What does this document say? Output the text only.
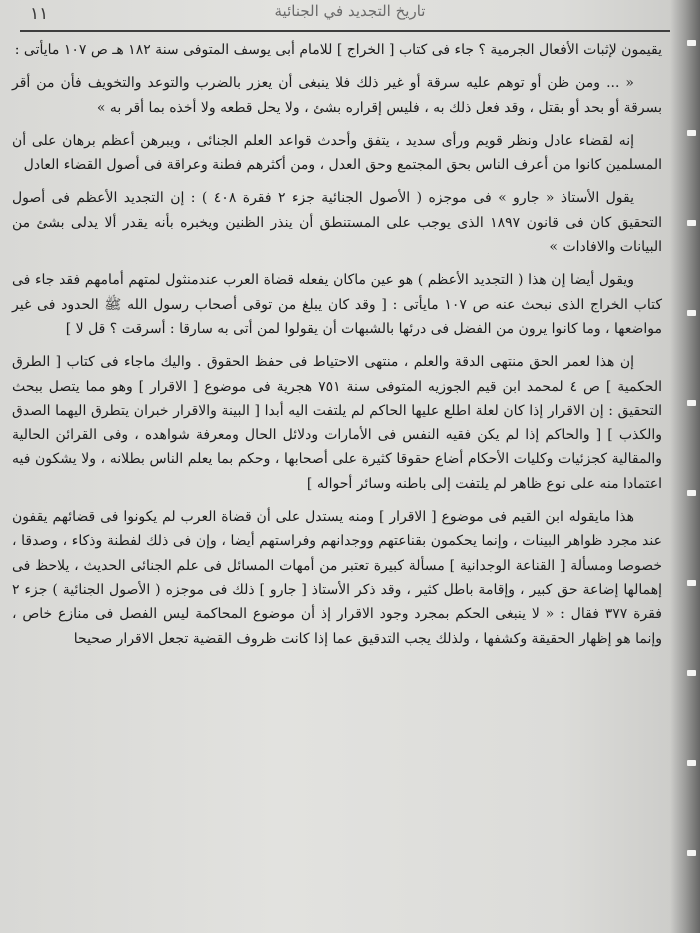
تاريخ التجديد في الجنائية
١١

يقيمون لإثبات الأفعال الجرمية ؟ جاء فى كتاب [ الخراج ] للامام أبى يوسف المتوفى سنة ١٨٢ هـ ص ١٠٧ مايأتى :

« ... ومن ظن أو توهم عليه سرقة أو غير ذلك فلا ينبغى أن يعزر بالضرب والتوعد والتخويف فأن من أقر بسرقة أو بحد أو بقتل ، وقد فعل ذلك به ، فليس إقراره بشئ ، ولا يحل قطعه ولا أخذه بما أقر به »

إنه لقضاء عادل ونظر قويم ورأى سديد ، يتفق وأحدث قواعد العلم الجنائى ، ويبرهن أعظم برهان على أن المسلمين كانوا من أعرف الناس بحق المجتمع وحق العدل ، ومن أكثرهم فطنة وعراقة فى أصول القضاء العادل

يقول الأستاذ « جارو » فى موجزه ( الأصول الجنائية جزء ٢ فقرة ٤٠٨ ) : إن التجديد الأعظم فى أصول التحقيق كان فى قانون ١٨٩٧ الذى يوجب على المستنطق أن ينذر الظنين ويخبره بأنه يقدر ألا يدلى بشئ من البيانات والافادات »

ويقول أيضا إن هذا ( التجديد الأعظم ) هو عين ماكان يفعله قضاة العرب عندمنثول لمتهم أمامهم فقد جاء فى كتاب الخراج الذى نبحث عنه ص ١٠٧ مايأتى : [ وقد كان يبلغ من توقى أصحاب رسول الله ﷺ الحدود فى غير مواضعها ، وما كانوا يرون من الفضل فى درئها بالشبهات أن يقولوا لمن أتى به سارقا : أسرقت ؟ قل لا ]

إن هذا لعمر الحق منتهى الدقة والعلم ، منتهى الاحتياط فى حفظ الحقوق . واليك ماجاء فى كتاب [ الطرق الحكمية ] ص ٤ لمحمد ابن قيم الجوزيه المتوفى سنة ٧٥١ هجرية فى موضوع [ الاقرار ] وهو مما يتصل ببحث التحقيق : إن الاقرار إذا كان لعلة اطلع عليها الحاكم لم يلتفت اليه أبدا [ البينة والاقرار خبران يتطرق اليهما الصدق والكذب ] [ والحاكم إذا لم يكن فقيه النفس فى الأمارات ودلائل الحال ومعرفة شواهده ، وفى القرائن الحالية والمقالية كجزئيات وكليات الأحكام أضاع حقوقا كثيرة على أصحابها ، وحكم بما يعلم الناس بطلانه ، ولا يشكون فيه اعتمادا منه على نوع ظاهر لم يلتفت إلى باطنه وسائر أحواله ]

هذا مايقوله ابن القيم فى موضوع [ الاقرار ] ومنه يستدل على أن قضاة العرب لم يكونوا فى قضائهم يقفون عند مجرد ظواهر البينات ، وإنما يحكمون بقناعتهم ووجدانهم وفراستهم أيضا ، وإن فى ذلك لفطنة وذكاء ، وصدقا ، خصوصا ومسألة [ القناعة الوجدانية ] مسألة كبيرة تعتبر من أمهات المسائل فى علم الجنائى الحديث ، يلاحظ فى إهمالها إضاعة حق كبير ، وإقامة باطل كثير ، وقد ذكر الأستاذ [ جارو ] ذلك فى موجزه ( الأصول الجنائية ) جزء ٢ فقرة ٣٧٧ فقال : « لا ينبغى الحكم بمجرد وجود الاقرار إذ أن موضوع المحاكمة ليس الفصل فى منازع خاص ، وإنما هو إظهار الحقيقة وكشفها ، ولذلك يجب التدقيق عما إذا كانت ظروف القضية تجعل الاقرار صحيحا
